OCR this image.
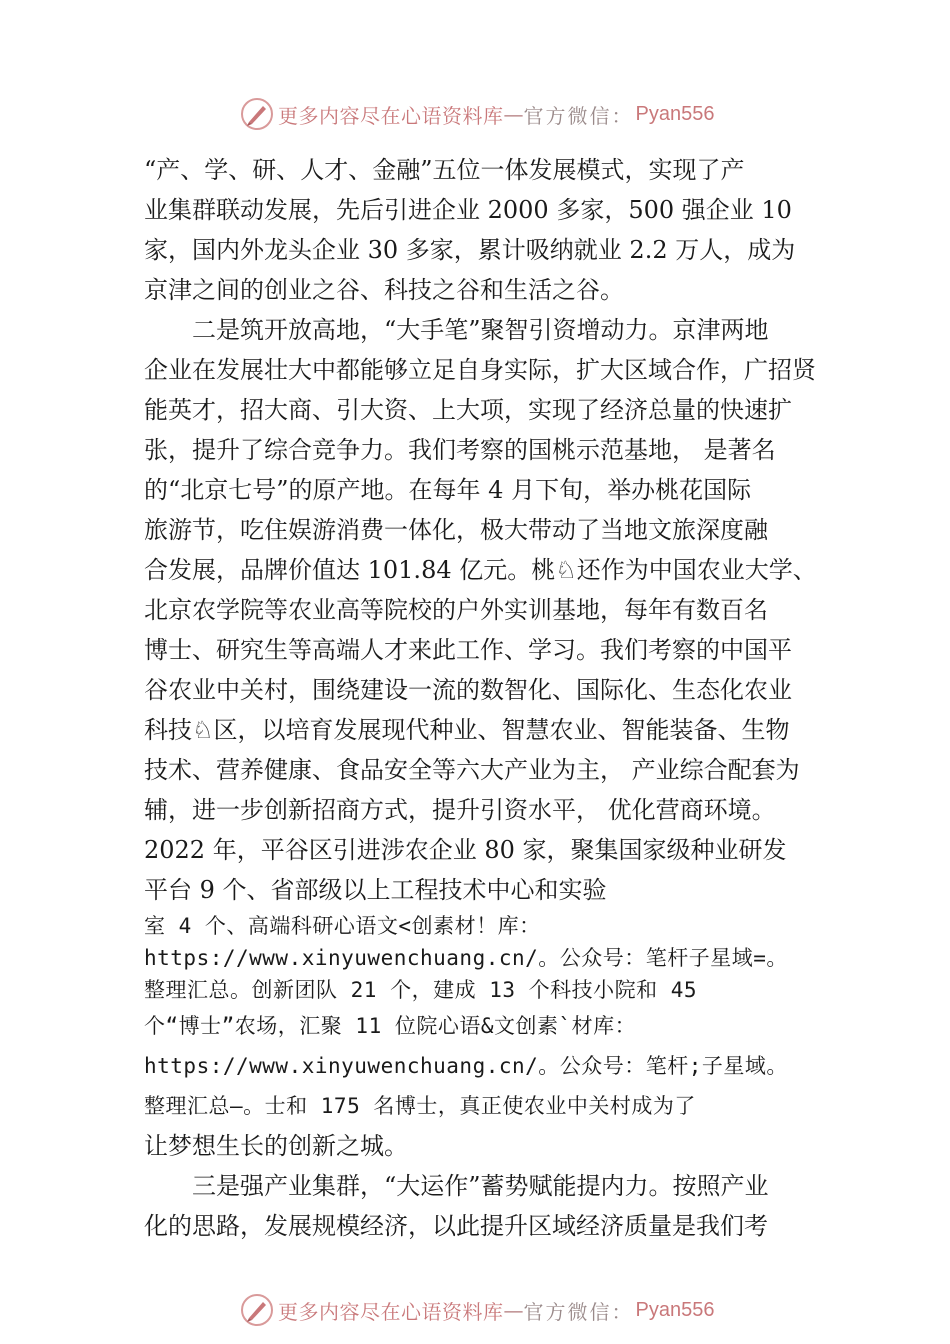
更多内容尽在心语资料库 — 官方微信： Pyan556
“产、学、研、人才、金融”五位一体发展模式，实现了产
业集群联动发展，先后引进企业 2000 多家，500 强企业 10
家，国内外龙头企业 30 多家，累计吸纳就业 2.2 万人，成为
京津之间的创业之谷、科技之谷和生活之谷。
二是筑开放高地，“大手笔”聚智引资增动力。京津两地
企业在发展壮大中都能够立足自身实际，扩大区域合作，广招贤
能英才，招大商、引大资、上大项，实现了经济总量的快速扩
张，提升了综合竞争力。我们考察的国桃示范基地， 是著名
的“北京七号”的原产地。在每年 4 月下旬，举办桃花国际
旅游节，吃住娱游消费一体化，极大带动了当地文旅深度融
合发展，品牌价值达 101.84 亿元。桃♘还作为中国农业大学、
北京农学院等农业高等院校的户外实训基地，每年有数百名
博士、研究生等高端人才来此工作、学习。我们考察的中国平
谷农业中关村，围绕建设一流的数智化、国际化、生态化农业
科技♘区，以培育发展现代种业、智慧农业、智能装备、生物
技术、营养健康、食品安全等六大产业为主， 产业综合配套为
辅，进一步创新招商方式，提升引资水平， 优化营商环境。
2022 年，平谷区引进涉农企业 80 家，聚集国家级种业研发
平台 9 个、省部级以上工程技术中心和实验
室 4 个、高端科研心语文<创素材！库：
https://www.xinyuwenchuang.cn/。公众号：笔杆子星域=。
整理汇总。创新团队 21 个，建成 13 个科技小院和 45
个“博士”农场，汇聚 11 位院心语&文创素`材库：
https://www.xinyuwenchuang.cn/。公众号：笔杆;子星域。
整理汇总—。士和 175 名博士，真正使农业中关村成为了
让梦想生长的创新之城。
三是强产业集群，“大运作”蓄势赋能提内力。按照产业
化的思路，发展规模经济，以此提升区域经济质量是我们考
更多内容尽在心语资料库 — 官方微信： Pyan556
